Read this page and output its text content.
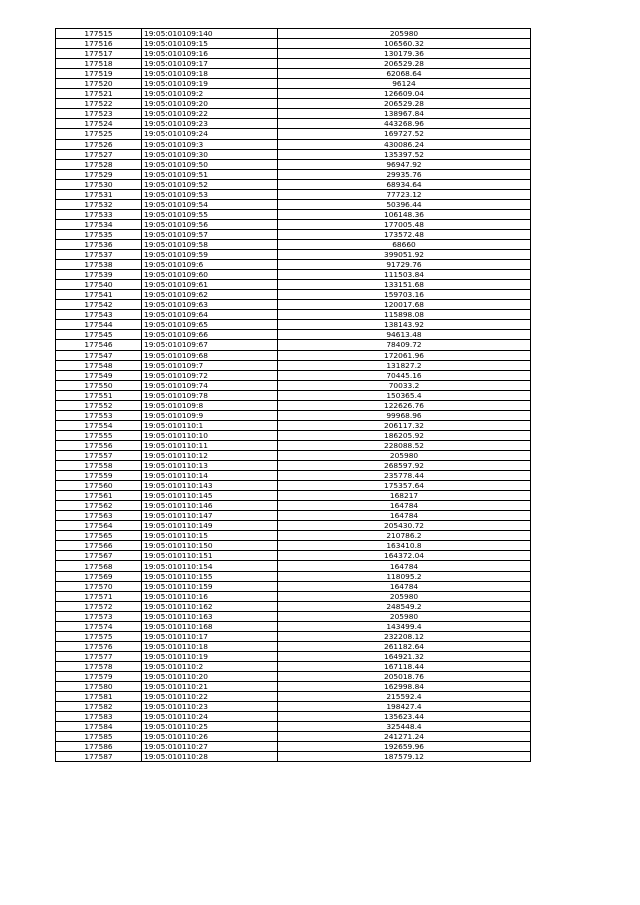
177515	19:05:010109:140	205980
177516	19:05:010109:15	106560.32
177517	19:05:010109:16	130179.36
177518	19:05:010109:17	206529.28
177519	19:05:010109:18	62068.64
177520	19:05:010109:19	96124
177521	19:05:010109:2	126609.04
177522	19:05:010109:20	206529.28
177523	19:05:010109:22	138967.84
177524	19:05:010109:23	443268.96
177525	19:05:010109:24	169727.52
177526	19:05:010109:3	430086.24
177527	19:05:010109:30	135397.52
177528	19:05:010109:50	96947.92
177529	19:05:010109:51	29935.76
177530	19:05:010109:52	68934.64
177531	19:05:010109:53	77723.12
177532	19:05:010109:54	50396.44
177533	19:05:010109:55	106148.36
177534	19:05:010109:56	177005.48
177535	19:05:010109:57	173572.48
177536	19:05:010109:58	68660
177537	19:05:010109:59	399051.92
177538	19:05:010109:6	91729.76
177539	19:05:010109:60	111503.84
177540	19:05:010109:61	133151.68
177541	19:05:010109:62	159703.16
177542	19:05:010109:63	120017.68
177543	19:05:010109:64	115898.08
177544	19:05:010109:65	138143.92
177545	19:05:010109:66	94613.48
177546	19:05:010109:67	78409.72
177547	19:05:010109:68	172061.96
177548	19:05:010109:7	131827.2
177549	19:05:010109:72	70445.16
177550	19:05:010109:74	70033.2
177551	19:05:010109:78	150365.4
177552	19:05:010109:8	122626.76
177553	19:05:010109:9	99968.96
177554	19:05:010110:1	206117.32
177555	19:05:010110:10	186205.92
177556	19:05:010110:11	228088.52
177557	19:05:010110:12	205980
177558	19:05:010110:13	268597.92
177559	19:05:010110:14	235778.44
177560	19:05:010110:143	175357.64
177561	19:05:010110:145	168217
177562	19:05:010110:146	164784
177563	19:05:010110:147	164784
177564	19:05:010110:149	205430.72
177565	19:05:010110:15	210786.2
177566	19:05:010110:150	163410.8
177567	19:05:010110:151	164372.04
177568	19:05:010110:154	164784
177569	19:05:010110:155	118095.2
177570	19:05:010110:159	164784
177571	19:05:010110:16	205980
177572	19:05:010110:162	248549.2
177573	19:05:010110:163	205980
177574	19:05:010110:168	143499.4
177575	19:05:010110:17	232208.12
177576	19:05:010110:18	261182.64
177577	19:05:010110:19	164921.32
177578	19:05:010110:2	167118.44
177579	19:05:010110:20	205018.76
177580	19:05:010110:21	162998.84
177581	19:05:010110:22	215592.4
177582	19:05:010110:23	198427.4
177583	19:05:010110:24	135623.44
177584	19:05:010110:25	325448.4
177585	19:05:010110:26	241271.24
177586	19:05:010110:27	192659.96
177587	19:05:010110:28	187579.12
